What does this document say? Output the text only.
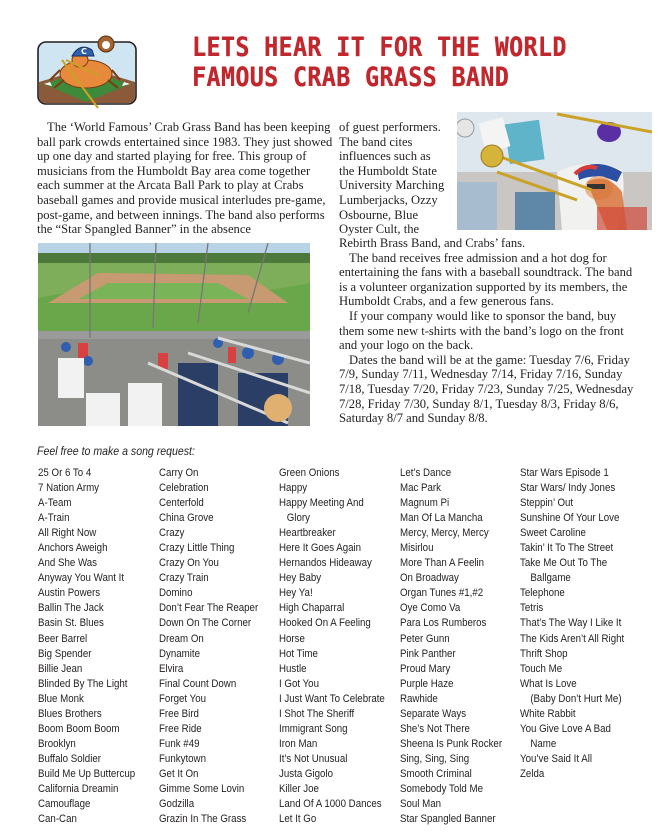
C	LETS HEAR IT FOR THE WORLD
FAMOUS CRAB GRASS BAND

The ‘World Famous’ Crab Grass Band has been keeping ball park crowds entertained since 1983. They just showed up one day and started playing for free. This group of musicians from the Humboldt Bay area come together each summer at the Arcata Ball Park to play at Crabs baseball games and provide musical interludes pre-game, post-game, and between innings. The band also performs the “Star Spangled Banner” in the absence

of guest performers.
The band cites
influences such as
the Humboldt State
University Marching
Lumberjacks, Ozzy
Osbourne, Blue
Oyster Cult, the

Rebirth Brass Band, and Crabs’ fans.

The band receives free admission and a hot dog for entertaining the fans with a baseball soundtrack. The band is a volunteer organization supported by its members, the Humboldt Crabs, and a few generous fans.

If your company would like to sponsor the band, buy them some new t-shirts with the band’s logo on the front and your logo on the back.

Dates the band will be at the game: Tuesday 7/6, Friday 7/9, Sunday 7/11, Wednesday 7/14, Friday 7/16, Sunday 7/18, Tuesday 7/20, Friday 7/23, Sunday 7/25, Wednesday 7/28, Friday 7/30, Sunday 8/1, Tuesday 8/3, Friday 8/6, Saturday 8/7 and Sunday 8/8.

Feel free to make a song request:
25 Or 6 To 4
7 Nation Army
A-Team
A-Train
All Right Now
Anchors Aweigh
And She Was
Anyway You Want It
Austin Powers
Ballin The Jack
Basin St. Blues
Beer Barrel
Big Spender
Billie Jean
Blinded By The Light
Blue Monk
Blues Brothers
Boom Boom Boom
Brooklyn
Buffalo Soldier
Build Me Up Buttercup
California Dreamin
Camouflage
Can-Can
Carry On
Celebration
Centerfold
China Grove
Crazy
Crazy Little Thing
Crazy On You
Crazy Train
Domino
Don’t Fear The Reaper
Down On The Corner
Dream On
Dynamite
Elvira
Final Count Down
Forget You
Free Bird
Free Ride
Funk #49
Funkytown
Get It On
Gimme Some Lovin
Godzilla
Grazin In The Grass
Green Onions
Happy
Happy Meeting And
Glory
Heartbreaker
Here It Goes Again
Hernandos Hideaway
Hey Baby
Hey Ya!
High Chaparral
Hooked On A Feeling
Horse
Hot Time
Hustle
I Got You
I Just Want To Celebrate
I Shot The Sheriff
Immigrant Song
Iron Man
It’s Not Unusual
Justa Gigolo
Killer Joe
Land Of A 1000 Dances
Let It Go
Let’s Dance
Mac Park
Magnum Pi
Man Of La Mancha
Mercy, Mercy, Mercy
Misirlou
More Than A Feelin
On Broadway
Organ Tunes #1,#2
Oye Como Va
Para Los Rumberos
Peter Gunn
Pink Panther
Proud Mary
Purple Haze
Rawhide
Separate Ways
She’s Not There
Sheena Is Punk Rocker
Sing, Sing, Sing
Smooth Criminal
Somebody Told Me
Soul Man
Star Spangled Banner
Star Wars Episode 1
Star Wars/ Indy Jones
Steppin’ Out
Sunshine Of Your Love
Sweet Caroline
Takin’ It To The Street
Take Me Out To The
Ballgame
Telephone
Tetris
That’s The Way I Like It
The Kids Aren’t All Right
Thrift Shop
Touch Me
What Is Love
(Baby Don’t Hurt Me)
White Rabbit
You Give Love A Bad
Name
You’ve Said It All
Zelda
